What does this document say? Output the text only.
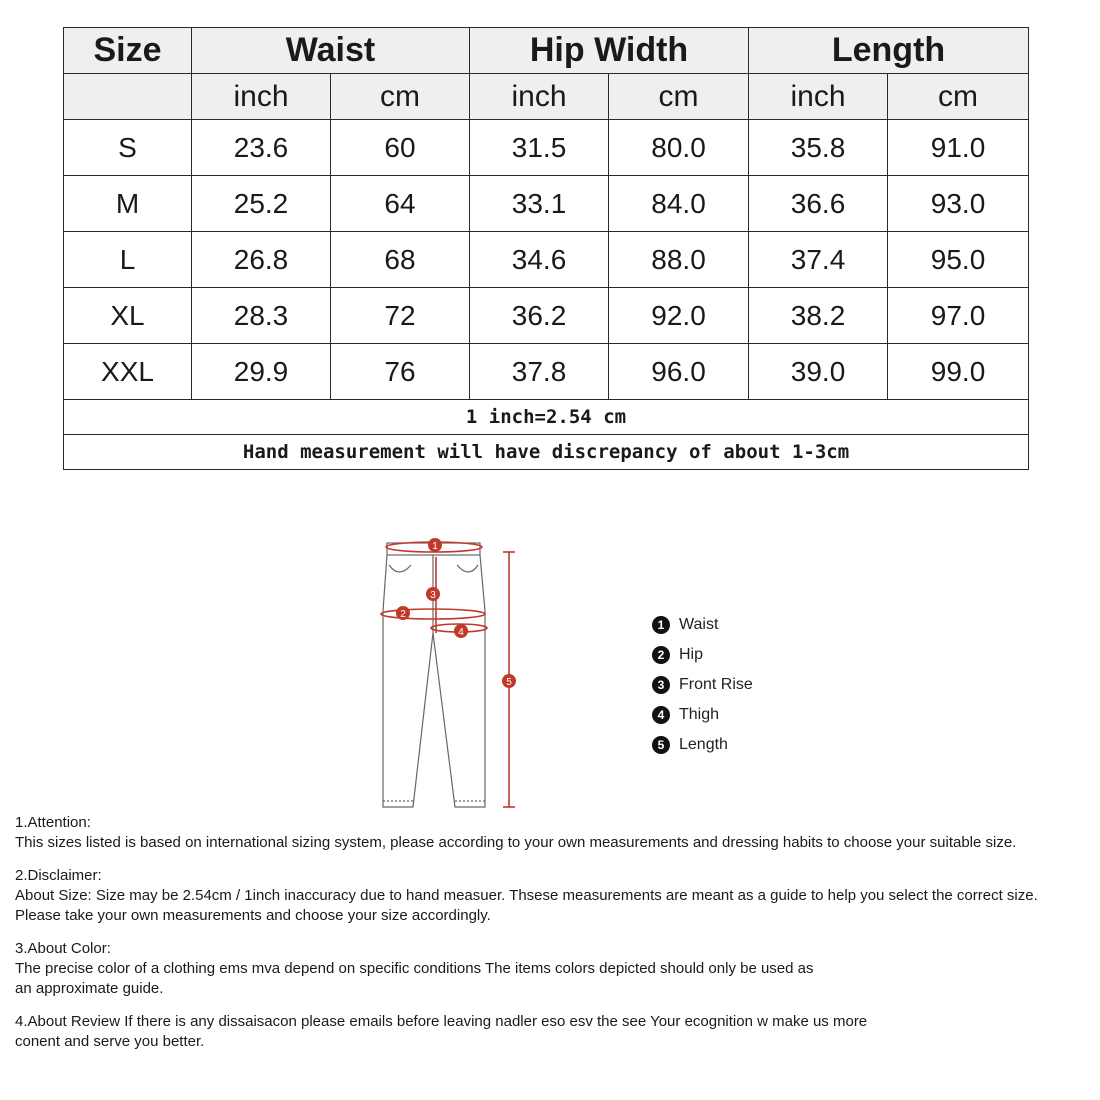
Size	Waist		Hip Width		Length	
	inch	cm	inch	cm	inch	cm
S	23.6	60	31.5	80.0	35.8	91.0
M	25.2	64	33.1	84.0	36.6	93.0
L	26.8	68	34.6	88.0	37.4	95.0
XL	28.3	72	36.2	92.0	38.2	97.0
XXL	29.9	76	37.8	96.0	39.0	99.0
1 inch=2.54 cm						
Hand measurement will have discrepancy of about 1-3cm						
1
2
3
4
5
1 Waist
2 Hip
3 Front Rise
4 Thigh
5 Length
1.Attention:
This sizes listed is based on international sizing system, please according to your own measurements and dressing habits to choose your suitable size.
2.Disclaimer:
About Size: Size may be 2.54cm / 1inch inaccuracy due to hand measuer. Thsese measurements are meant as a guide to help you select the correct size.
Please take your own measurements and choose your size accordingly.
3.About Color:
The precise color of a clothing ems mva depend on specific conditions The items colors depicted should only be used as
an approximate guide.
4.About Review If there is any dissaisacon please emails before leaving nadler eso esv the see Your ecognition w make us more
conent and serve you better.
